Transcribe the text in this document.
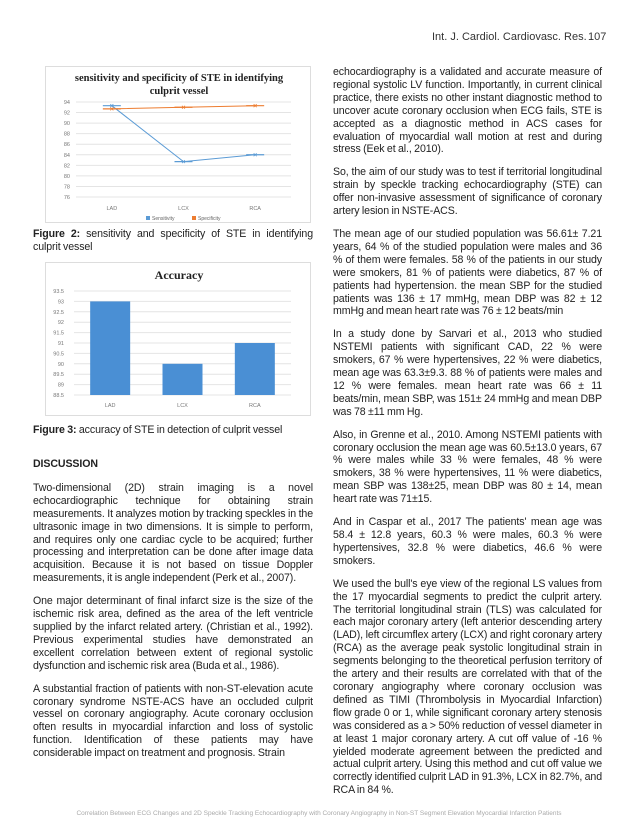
Int. J. Cardiol. Cardiovasc. Res. 107
sensitivity and specificity of STE in identifying culprit vessel
76
78
80
82
84
86
88
90
92
94
LAD	LCX	RCA
Sensitivity	Specificity
Figure 2: sensitivity and specificity of STE in identifying culprit vessel
Accuracy
88.5
89
89.5
90
90.5
91
91.5
92
92.5
93
93.5
LAD	LCX	RCA
Figure 3: accuracy of STE in detection of culprit vessel
DISCUSSION

Two-dimensional (2D) strain imaging is a novel echocardiographic technique for obtaining strain measurements. It analyzes motion by tracking speckles in the ultrasonic image in two dimensions. It is simple to perform, and requires only one cardiac cycle to be acquired; further processing and interpretation can be done after image data acquisition. Because it is not based on tissue Doppler measurements, it is angle independent (Perk et al., 2007).

One major determinant of final infarct size is the size of the ischemic risk area, defined as the area of the left ventricle supplied by the infarct related artery. (Christian et al., 1992). Previous experimental studies have demonstrated an excellent correlation between extent of regional systolic dysfunction and ischemic risk area (Buda et al., 1986).

A substantial fraction of patients with non-ST-elevation acute coronary syndrome NSTE-ACS have an occluded culprit vessel on coronary angiography. Acute coronary occlusion often results in myocardial infarction and loss of systolic function. Identification of these patients may have considerable impact on treatment and prognosis. Strain

echocardiography is a validated and accurate measure of regional systolic LV function. Importantly, in current clinical practice, there exists no other instant diagnostic method to uncover acute coronary occlusion when ECG fails, STE is accepted as a diagnostic method in ACS cases for evaluation of myocardial wall motion at rest and during stress (Eek et al., 2010).

So, the aim of our study was to test if territorial longitudinal strain by speckle tracking echocardiography (STE) can offer non-invasive assessment of significance of coronary artery lesion in NSTE-ACS.

The mean age of our studied population was 56.61± 7.21 years, 64 % of the studied population were males and 36 % of them were females. 58 % of the patients in our study were smokers, 81 % of patients were diabetics, 87 % of patients had hypertension. the mean SBP for the studied patients was 136 ± 17 mmHg, mean DBP was 82 ± 12 mmHg and mean heart rate was 76 ± 12 beats/min

In a study done by Sarvari et al., 2013 who studied NSTEMI patients with significant CAD, 22 % were smokers, 67 % were hypertensives, 22 % were diabetics, mean age was 63.3±9.3. 88 % of patients were males and 12 % were females. mean heart rate was 66 ± 11 beats/min, mean SBP, was 151± 24 mmHg and mean DBP was 78 ±11 mm Hg.

Also, in Grenne et al., 2010. Among NSTEMI patients with coronary occlusion the mean age was 60.5±13.0 years, 67 % were males while 33 % were females, 48 % were smokers, 38 % were hypertensives, 11 % were diabetics, mean SBP was 138±25, mean DBP was 80 ± 14, mean heart rate was 71±15.

And in Caspar et al., 2017 The patients' mean age was 58.4 ± 12.8 years, 60.3 % were males, 60.3 % were hypertensives, 32.8 % were diabetics, 46.6 % were smokers.

We used the bull's eye view of the regional LS values from the 17 myocardial segments to predict the culprit artery. The territorial longitudinal strain (TLS) was calculated for each major coronary artery (left anterior descending artery (LAD), left circumflex artery (LCX) and right coronary artery (RCA) as the average peak systolic longitudinal strain in segments belonging to the theoretical perfusion territory of the artery and their results are correlated with that of the coronary angiography where coronary occlusion was defined as TIMI (Thrombolysis in Myocardial Infarction) flow grade 0 or 1, while significant coronary artery stenosis was considered as a > 50% reduction of vessel diameter in at least 1 major coronary artery. A cut off value of -16 % yielded moderate agreement between the predicted and actual culprit artery. Using this method and cut off value we correctly identified culprit LAD in 91.3%, LCX in 82.7%, and RCA in 84 %.

Correlation Between ECG Changes and 2D Speckle Tracking Echocardiography with Coronary Angiography in Non-ST Segment Elevation Myocardial Infarction Patients
